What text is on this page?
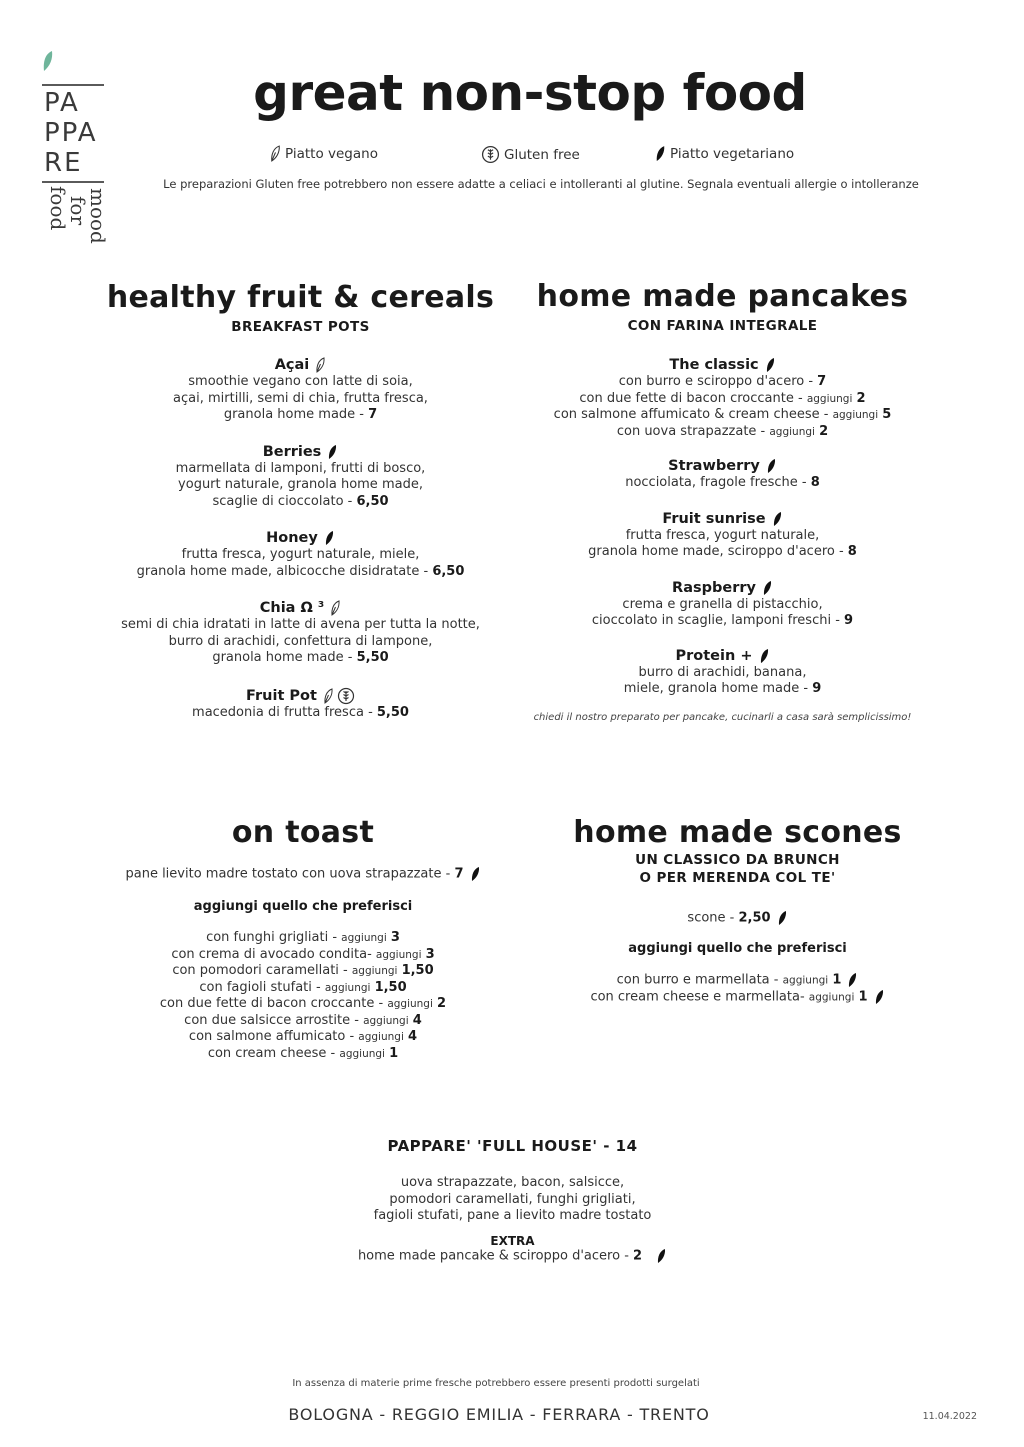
PA
PPA
RE
food
for
mood
great non-stop food
Piatto vegano	Gluten free	Piatto vegetariano
Le preparazioni Gluten free potrebbero non essere adatte a celiaci e intolleranti al glutine. Segnala eventuali allergie o intolleranze
healthy fruit & cereals
BREAKFAST POTS
Açai
smoothie vegano con latte di soia,
açai, mirtilli, semi di chia, frutta fresca,
granola home made - 7
Berries
marmellata di lamponi, frutti di bosco,
yogurt naturale, granola home made,
scaglie di cioccolato - 6,50
Honey
frutta fresca, yogurt naturale, miele,
granola home made, albicocche disidratate - 6,50
Chia Ω ³
semi di chia idratati in latte di avena per tutta la notte,
burro di arachidi, confettura di lampone,
granola home made - 5,50
Fruit Pot
macedonia di frutta fresca - 5,50
home made pancakes
CON FARINA INTEGRALE
The classic
con burro e sciroppo d'acero - 7
con due fette di bacon croccante - aggiungi 2
con salmone affumicato & cream cheese - aggiungi 5
con uova strapazzate - aggiungi 2
Strawberry
nocciolata, fragole fresche - 8
Fruit sunrise
frutta fresca, yogurt naturale,
granola home made, sciroppo d'acero - 8
Raspberry
crema e granella di pistacchio,
cioccolato in scaglie, lamponi freschi - 9
Protein +
burro di arachidi, banana,
miele, granola home made - 9
chiedi il nostro preparato per pancake, cucinarli a casa sarà semplicissimo!
on toast
pane lievito madre tostato con uova strapazzate - 7
aggiungi quello che preferisci
con funghi grigliati - aggiungi 3
con crema di avocado condita- aggiungi 3
con pomodori caramellati - aggiungi 1,50
con fagioli stufati - aggiungi 1,50
con due fette di bacon croccante - aggiungi 2
con due salsicce arrostite - aggiungi 4
con salmone affumicato - aggiungi 4
con cream cheese - aggiungi 1
home made scones
UN CLASSICO DA BRUNCH
O PER MERENDA COL TE'
scone - 2,50
aggiungi quello che preferisci
con burro e marmellata - aggiungi 1
con cream cheese e marmellata- aggiungi 1
PAPPARE' 'FULL HOUSE' - 14
uova strapazzate, bacon, salsicce,
pomodori caramellati, funghi grigliati,
fagioli stufati, pane a lievito madre tostato
EXTRA
home made pancake & sciroppo d'acero - 2
In assenza di materie prime fresche potrebbero essere presenti prodotti surgelati
BOLOGNA - REGGIO EMILIA - FERRARA - TRENTO	11.04.2022
